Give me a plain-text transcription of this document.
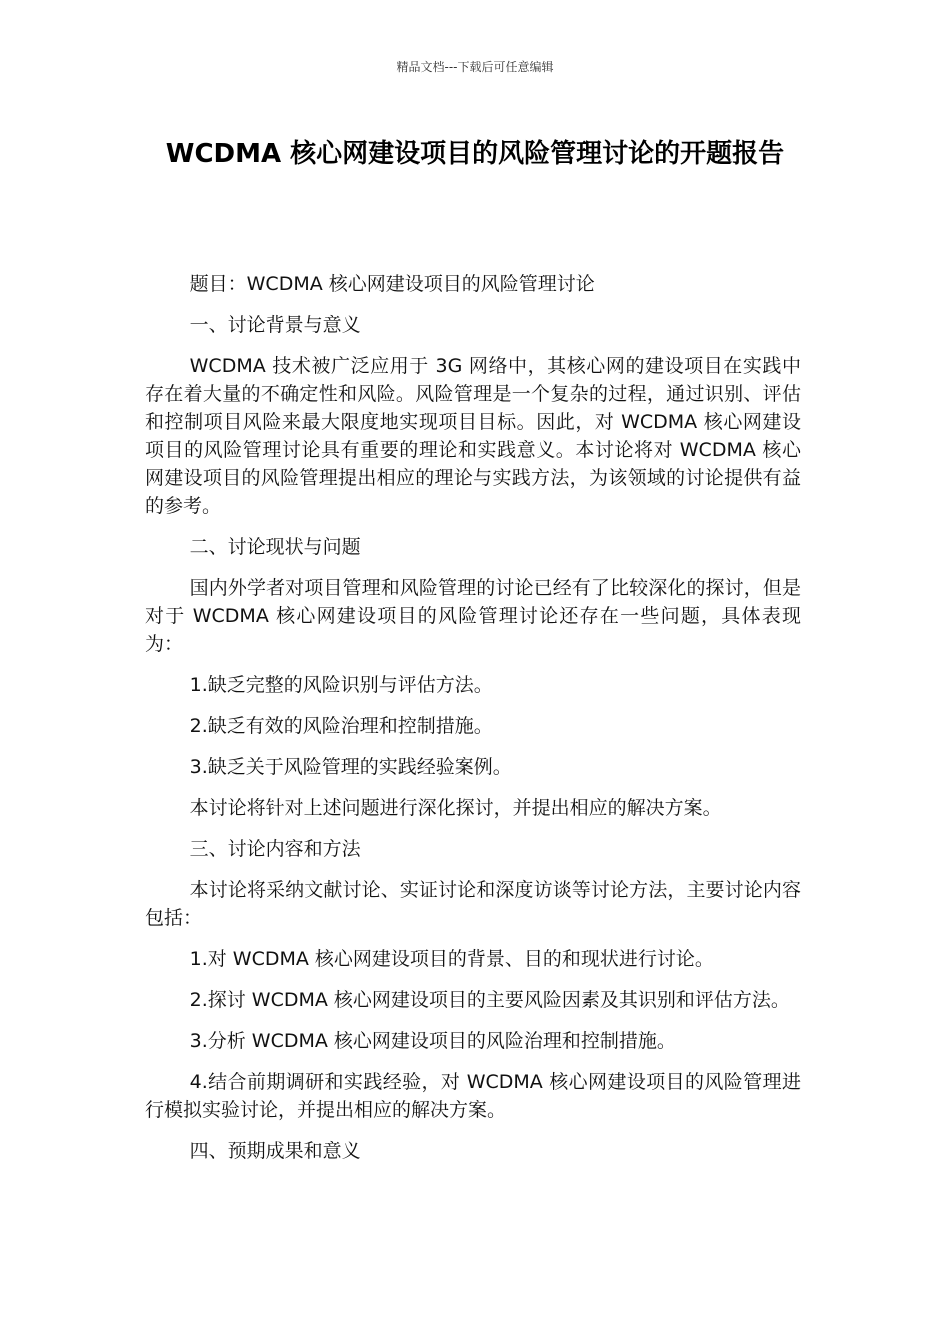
精品文档---下载后可任意编辑
WCDMA 核心网建设项目的风险管理讨论的开题报告

题目：WCDMA 核心网建设项目的风险管理讨论

一、讨论背景与意义

WCDMA 技术被广泛应用于 3G 网络中，其核心网的建设项目在实践中存在着大量的不确定性和风险。风险管理是一个复杂的过程，通过识别、评估和控制项目风险来最大限度地实现项目目标。因此，对 WCDMA 核心网建设项目的风险管理讨论具有重要的理论和实践意义。本讨论将对 WCDMA 核心网建设项目的风险管理提出相应的理论与实践方法，为该领域的讨论提供有益的参考。

二、讨论现状与问题

国内外学者对项目管理和风险管理的讨论已经有了比较深化的探讨，但是对于 WCDMA 核心网建设项目的风险管理讨论还存在一些问题，具体表现为：

1.缺乏完整的风险识别与评估方法。

2.缺乏有效的风险治理和控制措施。

3.缺乏关于风险管理的实践经验案例。

本讨论将针对上述问题进行深化探讨，并提出相应的解决方案。

三、讨论内容和方法

本讨论将采纳文献讨论、实证讨论和深度访谈等讨论方法，主要讨论内容包括：

1.对 WCDMA 核心网建设项目的背景、目的和现状进行讨论。

2.探讨 WCDMA 核心网建设项目的主要风险因素及其识别和评估方法。

3.分析 WCDMA 核心网建设项目的风险治理和控制措施。

4.结合前期调研和实践经验，对 WCDMA 核心网建设项目的风险管理进行模拟实验讨论，并提出相应的解决方案。

四、预期成果和意义
